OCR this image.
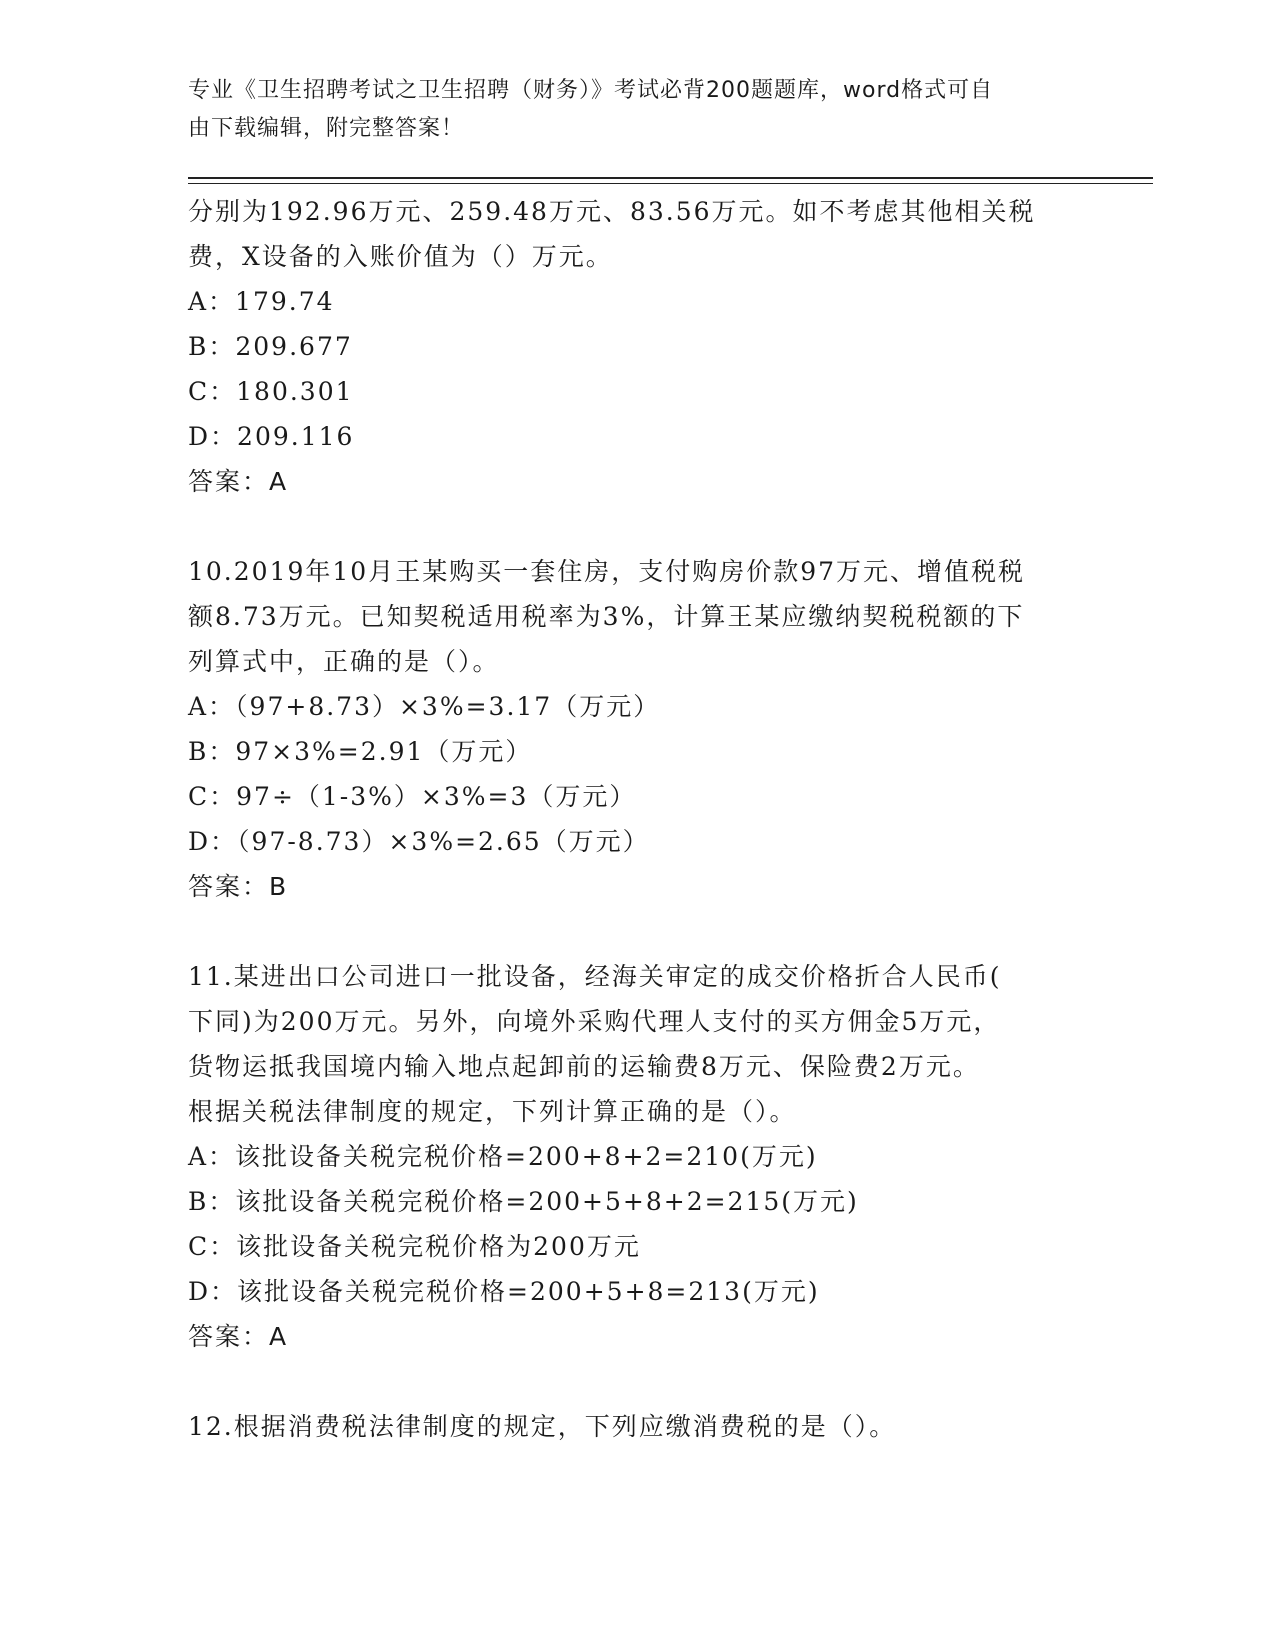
专业《卫生招聘考试之卫生招聘（财务）》考试必背200题题库，word格式可自
由下载编辑，附完整答案！
分别为192.96万元、259.48万元、83.56万元。如不考虑其他相关税
费，X设备的入账价值为（）万元。
A：179.74
B：209.677
C：180.301
D：209.116
答案：A
10.2019年10月王某购买一套住房，支付购房价款97万元、增值税税
额8.73万元。已知契税适用税率为3%，计算王某应缴纳契税税额的下
列算式中，正确的是（）。
A：（97+8.73）×3%=3.17（万元）
B：97×3%=2.91（万元）
C：97÷（1-3%）×3%=3（万元）
D：（97-8.73）×3%=2.65（万元）
答案：B
11.某进出口公司进口一批设备，经海关审定的成交价格折合人民币(
下同)为200万元。另外，向境外采购代理人支付的买方佣金5万元，
货物运抵我国境内输入地点起卸前的运输费8万元、保险费2万元。
根据关税法律制度的规定，下列计算正确的是（）。
A：该批设备关税完税价格=200+8+2=210(万元)
B：该批设备关税完税价格=200+5+8+2=215(万元)
C：该批设备关税完税价格为200万元
D：该批设备关税完税价格=200+5+8=213(万元)
答案：A
12.根据消费税法律制度的规定，下列应缴消费税的是（）。
